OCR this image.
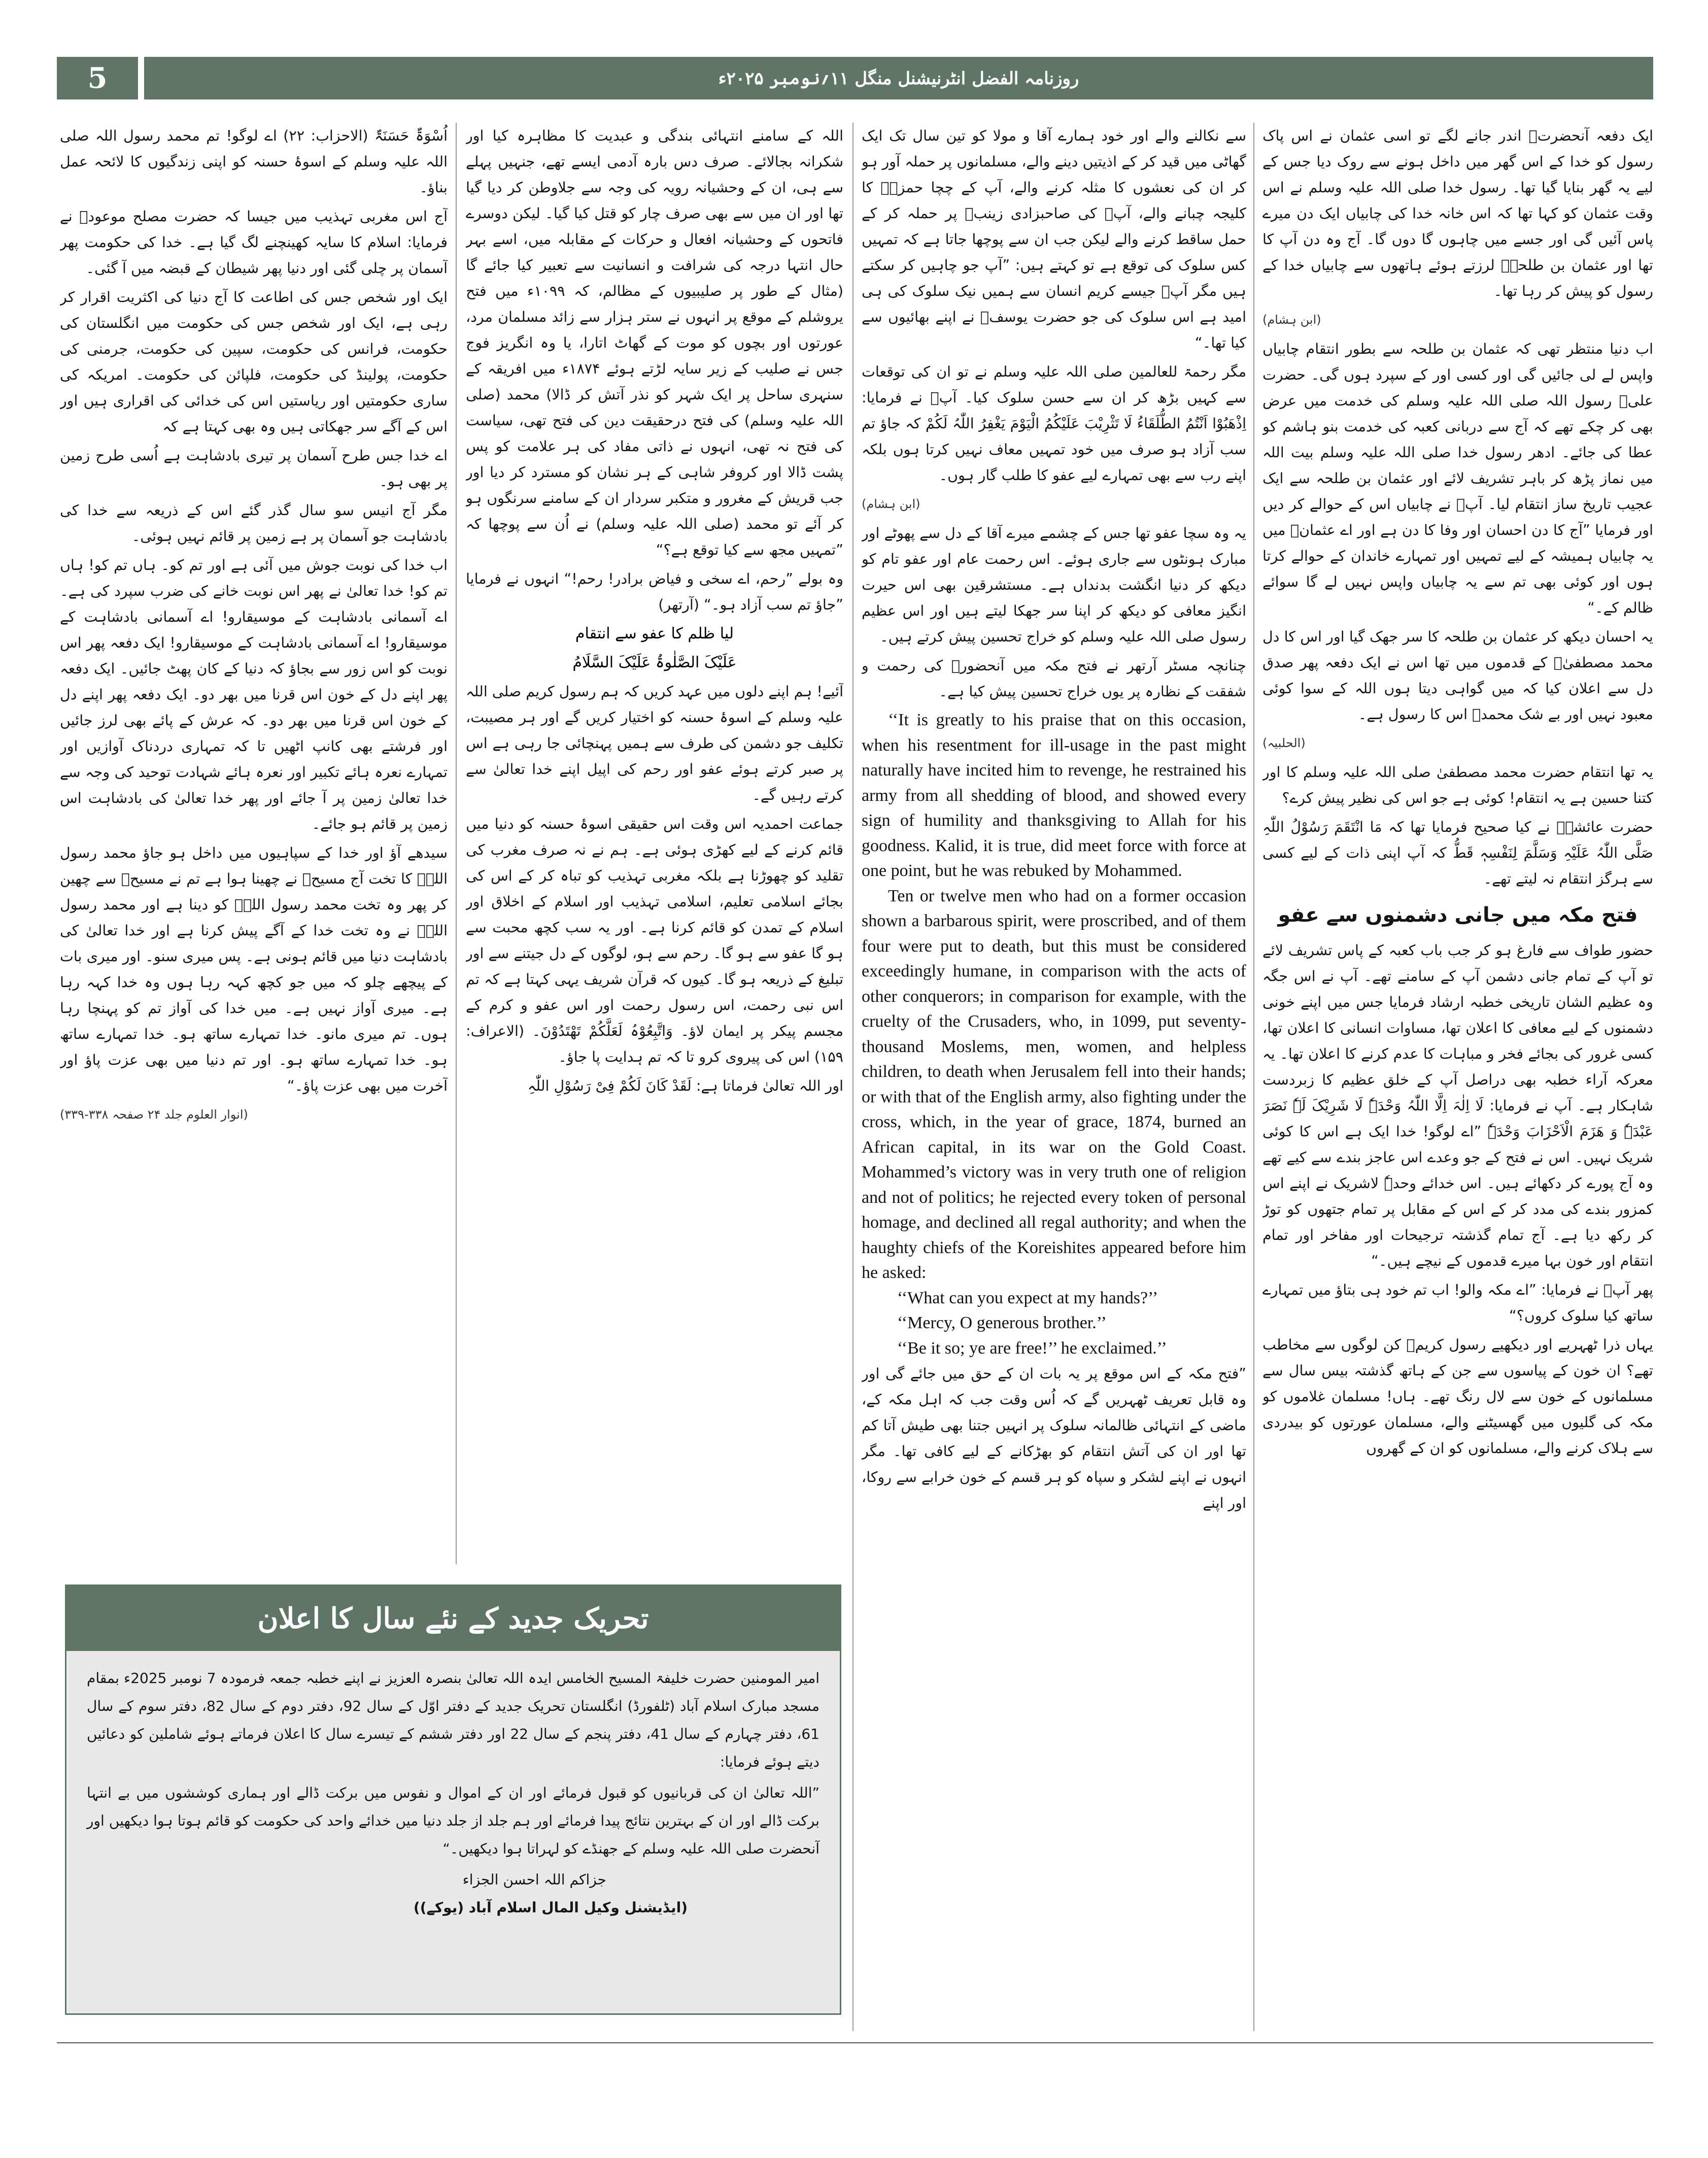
5	روزنامہ الفضل انٹرنیشنل منگل ۱۱؍نومبر ۲۰۲۵ء

ایک دفعہ آنحضرتؐ اندر جانے لگے تو اسی عثمان نے اس پاک رسول کو خدا کے اس گھر میں داخل ہونے سے روک دیا جس کے لیے یہ گھر بنایا گیا تھا۔ رسول خدا صلی اللہ علیہ وسلم نے اس وقت عثمان کو کہا تھا کہ اس خانہ خدا کی چابیاں ایک دن میرے پاس آئیں گی اور جسے میں چاہوں گا دوں گا۔ آج وہ دن آپ کا تھا اور عثمان بن طلحہؓ لرزتے ہوئے ہاتھوں سے چابیاں خدا کے رسول کو پیش کر رہا تھا۔

(ابن ہشام)

اب دنیا منتظر تھی کہ عثمان بن طلحہ سے بطور انتقام چابیاں واپس لے لی جائیں گی اور کسی اور کے سپرد ہوں گی۔ حضرت علیؓ رسول اللہ صلی اللہ علیہ وسلم کی خدمت میں عرض بھی کر چکے تھے کہ آج سے دربانی کعبہ کی خدمت بنو ہاشم کو عطا کی جائے۔ ادھر رسول خدا صلی اللہ علیہ وسلم بیت اللہ میں نماز پڑھ کر باہر تشریف لائے اور عثمان بن طلحہ سے ایک عجیب تاریخ ساز انتقام لیا۔ آپؐ نے چابیاں اس کے حوالے کر دیں اور فرمایا ”آج کا دن احسان اور وفا کا دن ہے اور اے عثمانؓ میں یہ چابیاں ہمیشہ کے لیے تمہیں اور تمہارے خاندان کے حوالے کرتا ہوں اور کوئی بھی تم سے یہ چابیاں واپس نہیں لے گا سوائے ظالم کے۔“

یہ احسان دیکھ کر عثمان بن طلحہ کا سر جھک گیا اور اس کا دل محمد مصطفیٰؐ کے قدموں میں تھا اس نے ایک دفعہ پھر صدق دل سے اعلان کیا کہ میں گواہی دیتا ہوں اللہ کے سوا کوئی معبود نہیں اور بے شک محمدؐ اس کا رسول ہے۔

(الحلبیہ)

یہ تھا انتقام حضرت محمد مصطفیٰ صلی اللہ علیہ وسلم کا اور کتنا حسین ہے یہ انتقام! کوئی ہے جو اس کی نظیر پیش کرے؟

حضرت عائشہؓ نے کیا صحیح فرمایا تھا کہ مَا انْتَقَمَ رَسُوْلُ اللّٰہِ صَلَّی اللّٰہُ عَلَیْہِ وَسَلَّمَ لِنَفْسِہٖ قَطُّ کہ آپ اپنی ذات کے لیے کسی سے ہرگز انتقام نہ لیتے تھے۔

فتح مکہ میں جانی دشمنوں سے عفو

حضور طواف سے فارغ ہو کر جب باب کعبہ کے پاس تشریف لائے تو آپ کے تمام جانی دشمن آپ کے سامنے تھے۔ آپ نے اس جگہ وہ عظیم الشان تاریخی خطبہ ارشاد فرمایا جس میں اپنے خونی دشمنوں کے لیے معافی کا اعلان تھا، مساوات انسانی کا اعلان تھا، کسی غرور کی بجائے فخر و مباہات کا عدم کرنے کا اعلان تھا۔ یہ معرکہ آراء خطبہ بھی دراصل آپ کے خلق عظیم کا زبردست شاہکار ہے۔ آپ نے فرمایا: لَا اِلٰہَ اِلَّا اللّٰہُ وَحْدَہٗ لَا شَرِیْکَ لَہٗ نَصَرَ عَبْدَہٗ وَ ھَزَمَ الْاَحْزَابَ وَحْدَہٗ ”اے لوگو! خدا ایک ہے اس کا کوئی شریک نہیں۔ اس نے فتح کے جو وعدے اس عاجز بندے سے کیے تھے وہ آج پورے کر دکھائے ہیں۔ اس خدائے وحدہٗ لاشریک نے اپنے اس کمزور بندے کی مدد کر کے اس کے مقابل پر تمام جتھوں کو توڑ کر رکھ دیا ہے۔ آج تمام گذشتہ ترجیحات اور مفاخر اور تمام انتقام اور خون بہا میرے قدموں کے نیچے ہیں۔“

پھر آپؐ نے فرمایا: ”اے مکہ والو! اب تم خود ہی بتاؤ میں تمہارے ساتھ کیا سلوک کروں؟“

یہاں ذرا ٹھہریے اور دیکھیے رسول کریمؐ کن لوگوں سے مخاطب تھے؟ ان خون کے پیاسوں سے جن کے ہاتھ گذشتہ بیس سال سے مسلمانوں کے خون سے لال رنگ تھے۔ ہاں! مسلمان غلاموں کو مکہ کی گلیوں میں گھسیٹنے والے، مسلمان عورتوں کو بیدردی سے ہلاک کرنے والے، مسلمانوں کو ان کے گھروں

سے نکالنے والے اور خود ہمارے آقا و مولا کو تین سال تک ایک گھاٹی میں قید کر کے اذیتیں دینے والے، مسلمانوں پر حملہ آور ہو کر ان کی نعشوں کا مثلہ کرنے والے، آپ کے چچا حمزہؓ کا کلیجہ چبانے والے، آپؐ کی صاحبزادی زینبؓ پر حملہ کر کے حمل ساقط کرنے والے لیکن جب ان سے پوچھا جاتا ہے کہ تمہیں کس سلوک کی توقع ہے تو کہتے ہیں: ”آپ جو چاہیں کر سکتے ہیں مگر آپؐ جیسے کریم انسان سے ہمیں نیک سلوک کی ہی امید ہے اس سلوک کی جو حضرت یوسفؑ نے اپنے بھائیوں سے کیا تھا۔“

مگر رحمۃ للعالمین صلی اللہ علیہ وسلم نے تو ان کی توقعات سے کہیں بڑھ کر ان سے حسن سلوک کیا۔ آپؐ نے فرمایا: اِذْھَبُوْا اَنْتُمُ الطُّلَقَاءُ لَا تَثْرِیْبَ عَلَیْکُمُ الْیَوْمَ یَغْفِرُ اللّٰہُ لَکُمْ کہ جاؤ تم سب آزاد ہو صرف میں خود تمہیں معاف نہیں کرتا ہوں بلکہ اپنے رب سے بھی تمہارے لیے عفو کا طلب گار ہوں۔

(ابن ہشام)

یہ وہ سچا عفو تھا جس کے چشمے میرے آقا کے دل سے پھوٹے اور مبارک ہونٹوں سے جاری ہوئے۔ اس رحمت عام اور عفو تام کو دیکھ کر دنیا انگشت بدنداں ہے۔ مستشرقین بھی اس حیرت انگیز معافی کو دیکھ کر اپنا سر جھکا لیتے ہیں اور اس عظیم رسول صلی اللہ علیہ وسلم کو خراج تحسین پیش کرتے ہیں۔

چنانچہ مسٹر آرتھر نے فتح مکہ میں آنحضورؐ کی رحمت و شفقت کے نظارہ پر یوں خراج تحسین پیش کیا ہے۔

‘‘It is greatly to his praise that on this occasion, when his resentment for ill-usage in the past might naturally have incited him to revenge, he restrained his army from all shedding of blood, and showed every sign of humility and thanksgiving to Allah for his goodness. Kalid, it is true, did meet force with force at one point, but he was rebuked by Mohammed.

Ten or twelve men who had on a former occasion shown a barbarous spirit, were proscribed, and of them four were put to death, but this must be considered exceedingly humane, in comparison with the acts of other conquerors; in comparison for example, with the cruelty of the Crusaders, who, in 1099, put seventy-thousand Moslems, men, women, and helpless children, to death when Jerusalem fell into their hands; or with that of the English army, also fighting under the cross, which, in the year of grace, 1874, burned an African capital, in its war on the Gold Coast. Mohammed’s victory was in very truth one of religion and not of politics; he rejected every token of personal homage, and declined all regal authority; and when the haughty chiefs of the Koreishites appeared before him he asked:

‘‘What can you expect at my hands?’’

‘‘Mercy, O generous brother.’’

‘‘Be it so; ye are free!’’ he exclaimed.’’

”فتح مکہ کے اس موقع پر یہ بات ان کے حق میں جائے گی اور وہ قابل تعریف ٹھہریں گے کہ اُس وقت جب کہ اہل مکہ کے، ماضی کے انتہائی ظالمانہ سلوک پر انہیں جتنا بھی طیش آتا کم تھا اور ان کی آتش انتقام کو بھڑکانے کے لیے کافی تھا۔ مگر انہوں نے اپنے لشکر و سپاہ کو ہر قسم کے خون خرابے سے روکا، اور اپنے

اللہ کے سامنے انتہائی بندگی و عبدیت کا مظاہرہ کیا اور شکرانہ بجالائے۔ صرف دس بارہ آدمی ایسے تھے، جنہیں پہلے سے ہی، ان کے وحشیانہ رویہ کی وجہ سے جلاوطن کر دیا گیا تھا اور ان میں سے بھی صرف چار کو قتل کیا گیا۔ لیکن دوسرے فاتحوں کے وحشیانہ افعال و حرکات کے مقابلہ میں، اسے بہر حال انتہا درجہ کی شرافت و انسانیت سے تعبیر کیا جائے گا (مثال کے طور پر صلیبیوں کے مظالم، کہ ۱۰۹۹ء میں فتح یروشلم کے موقع پر انہوں نے ستر ہزار سے زائد مسلمان مرد، عورتوں اور بچوں کو موت کے گھاٹ اتارا، یا وہ انگریز فوج جس نے صلیب کے زیر سایہ لڑتے ہوئے ۱۸۷۴ء میں افریقہ کے سنہری ساحل پر ایک شہر کو نذر آتش کر ڈالا) محمد (صلی اللہ علیہ وسلم) کی فتح درحقیقت دین کی فتح تھی، سیاست کی فتح نہ تھی، انہوں نے ذاتی مفاد کی ہر علامت کو پس پشت ڈالا اور کروفر شاہی کے ہر نشان کو مسترد کر دیا اور جب قریش کے مغرور و متکبر سردار ان کے سامنے سرنگوں ہو کر آئے تو محمد (صلی اللہ علیہ وسلم) نے اُن سے پوچھا کہ ”تمہیں مجھ سے کیا توقع ہے؟“

وہ بولے ”رحم، اے سخی و فیاض برادر! رحم!“ انہوں نے فرمایا ”جاؤ تم سب آزاد ہو۔“ (آرتھر)

لیا ظلم کا عفو سے انتقام

عَلَیْکَ الصَّلٰوۃُ عَلَیْکَ السَّلَامُ

آئیے! ہم اپنے دلوں میں عہد کریں کہ ہم رسول کریم صلی اللہ علیہ وسلم کے اسوۂ حسنہ کو اختیار کریں گے اور ہر مصیبت، تکلیف جو دشمن کی طرف سے ہمیں پہنچائی جا رہی ہے اس پر صبر کرتے ہوئے عفو اور رحم کی اپیل اپنے خدا تعالیٰ سے کرتے رہیں گے۔

جماعت احمدیہ اس وقت اس حقیقی اسوۂ حسنہ کو دنیا میں قائم کرنے کے لیے کھڑی ہوئی ہے۔ ہم نے نہ صرف مغرب کی تقلید کو چھوڑنا ہے بلکہ مغربی تہذیب کو تباہ کر کے اس کی بجائے اسلامی تعلیم، اسلامی تہذیب اور اسلام کے اخلاق اور اسلام کے تمدن کو قائم کرنا ہے۔ اور یہ سب کچھ محبت سے ہو گا عفو سے ہو گا۔ رحم سے ہو، لوگوں کے دل جیتنے سے اور تبلیغ کے ذریعہ ہو گا۔ کیوں کہ قرآن شریف یہی کہتا ہے کہ تم اس نبی رحمت، اس رسول رحمت اور اس عفو و کرم کے مجسم پیکر پر ایمان لاؤ۔ وَاتَّبِعُوْہُ لَعَلَّکُمْ تَھْتَدُوْنَ۔ (الاعراف: ۱۵۹) اس کی پیروی کرو تا کہ تم ہدایت پا جاؤ۔

اور اللہ تعالیٰ فرماتا ہے: لَقَدْ کَانَ لَکُمْ فِیْ رَسُوْلِ اللّٰہِ

اُسْوَۃٌ حَسَنَۃٌ (الاحزاب: ۲۲) اے لوگو! تم محمد رسول اللہ صلی اللہ علیہ وسلم کے اسوۂ حسنہ کو اپنی زندگیوں کا لائحہ عمل بناؤ۔

آج اس مغربی تہذیب میں جیسا کہ حضرت مصلح موعودؓ نے فرمایا: اسلام کا سایہ کھینچنے لگ گیا ہے۔ خدا کی حکومت پھر آسمان پر چلی گئی اور دنیا پھر شیطان کے قبضہ میں آ گئی۔

ایک اور شخص جس کی اطاعت کا آج دنیا کی اکثریت اقرار کر رہی ہے، ایک اور شخص جس کی حکومت میں انگلستان کی حکومت، فرانس کی حکومت، سپین کی حکومت، جرمنی کی حکومت، پولینڈ کی حکومت، فلپائن کی حکومت۔ امریکہ کی ساری حکومتیں اور ریاستیں اس کی خدائی کی اقراری ہیں اور اس کے آگے سر جھکاتی ہیں وہ بھی کہتا ہے کہ

اے خدا جس طرح آسمان پر تیری بادشاہت ہے اُسی طرح زمین پر بھی ہو۔

مگر آج انیس سو سال گذر گئے اس کے ذریعہ سے خدا کی بادشاہت جو آسمان پر ہے زمین پر قائم نہیں ہوئی۔

اب خدا کی نوبت جوش میں آئی ہے اور تم کو۔ ہاں تم کو! ہاں تم کو! خدا تعالیٰ نے پھر اس نوبت خانے کی ضرب سپرد کی ہے۔ اے آسمانی بادشاہت کے موسیقارو! اے آسمانی بادشاہت کے موسیقارو! اے آسمانی بادشاہت کے موسیقارو! ایک دفعہ پھر اس نوبت کو اس زور سے بجاؤ کہ دنیا کے کان پھٹ جائیں۔ ایک دفعہ پھر اپنے دل کے خون اس قرنا میں بھر دو۔ ایک دفعہ پھر اپنے دل کے خون اس قرنا میں بھر دو۔ کہ عرش کے پائے بھی لرز جائیں اور فرشتے بھی کانپ اٹھیں تا کہ تمہاری دردناک آوازیں اور تمہارے نعرہ ہائے تکبیر اور نعرہ ہائے شہادت توحید کی وجہ سے خدا تعالیٰ زمین پر آ جائے اور پھر خدا تعالیٰ کی بادشاہت اس زمین پر قائم ہو جائے۔

سیدھے آؤ اور خدا کے سپاہیوں میں داخل ہو جاؤ محمد رسول اللہؐ کا تخت آج مسیحؑ نے چھینا ہوا ہے تم نے مسیحؑ سے چھین کر پھر وہ تخت محمد رسول اللہؐ کو دینا ہے اور محمد رسول اللہؐ نے وہ تخت خدا کے آگے پیش کرنا ہے اور خدا تعالیٰ کی بادشاہت دنیا میں قائم ہونی ہے۔ پس میری سنو۔ اور میری بات کے پیچھے چلو کہ میں جو کچھ کہہ رہا ہوں وہ خدا کہہ رہا ہے۔ میری آواز نہیں ہے۔ میں خدا کی آواز تم کو پہنچا رہا ہوں۔ تم میری مانو۔ خدا تمہارے ساتھ ہو۔ خدا تمہارے ساتھ ہو۔ خدا تمہارے ساتھ ہو۔ اور تم دنیا میں بھی عزت پاؤ اور آخرت میں بھی عزت پاؤ۔“

(انوار العلوم جلد ۲۴ صفحہ ۳۳۸-۳۳۹)

تحریک جدید کے نئے سال کا اعلان

امیر المومنین حضرت خلیفۃ المسیح الخامس ایدہ اللہ تعالیٰ بنصرہ العزیز نے اپنے خطبہ جمعہ فرمودہ 7 نومبر 2025ء بمقام مسجد مبارک اسلام آباد (ٹلفورڈ) انگلستان تحریک جدید کے دفتر اوّل کے سال 92، دفتر دوم کے سال 82، دفتر سوم کے سال 61، دفتر چہارم کے سال 41، دفتر پنجم کے سال 22 اور دفتر ششم کے تیسرے سال کا اعلان فرماتے ہوئے شاملین کو دعائیں دیتے ہوئے فرمایا:

”اللہ تعالیٰ ان کی قربانیوں کو قبول فرمائے اور ان کے اموال و نفوس میں برکت ڈالے اور ہماری کوششوں میں بے انتہا برکت ڈالے اور ان کے بہترین نتائج پیدا فرمائے اور ہم جلد از جلد دنیا میں خدائے واحد کی حکومت کو قائم ہوتا ہوا دیکھیں اور آنحضرت صلی اللہ علیہ وسلم کے جھنڈے کو لہراتا ہوا دیکھیں۔“

جزاکم اللہ احسن الجزاء

(ایڈیشنل وکیل المال اسلام آباد (یوکے))
